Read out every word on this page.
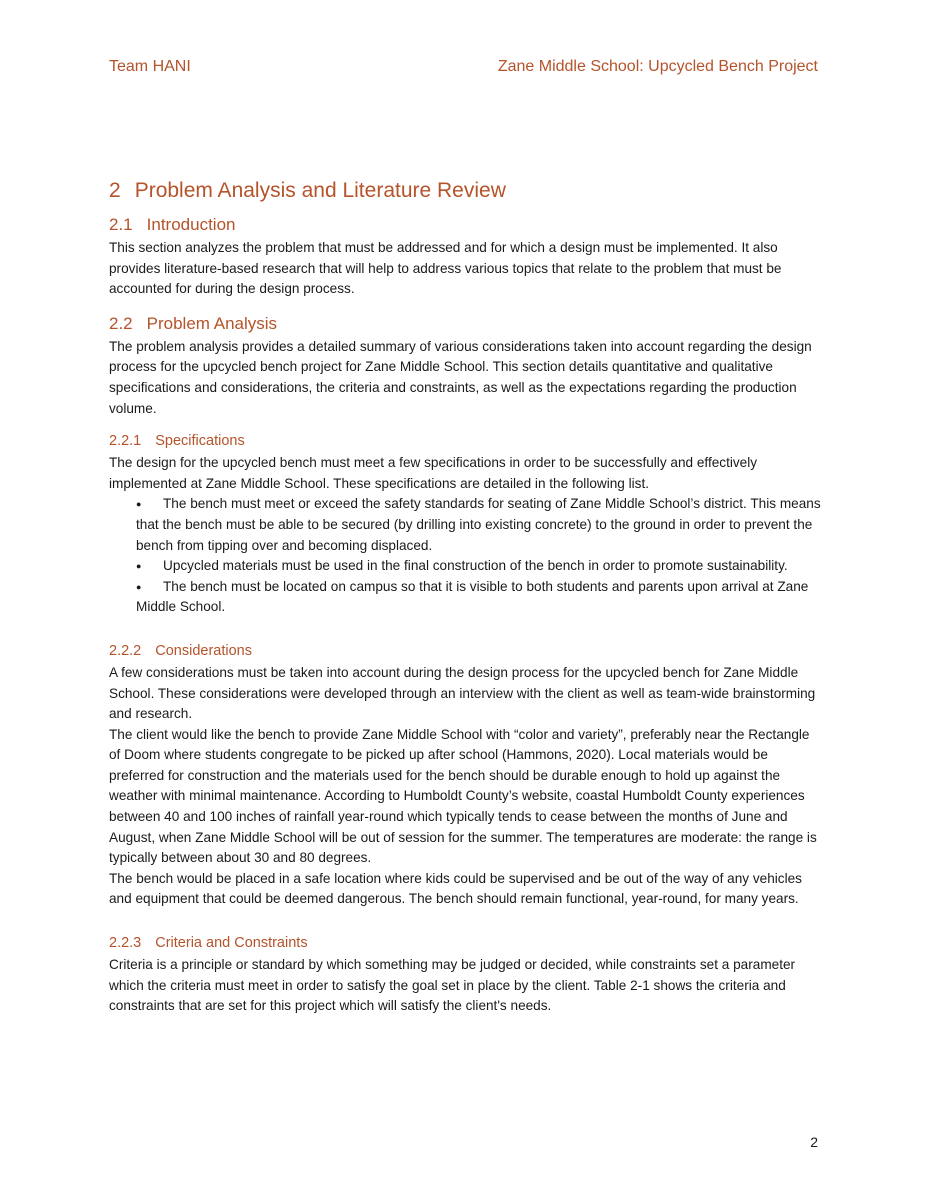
Team HANI	Zane Middle School: Upcycled Bench Project
2 Problem Analysis and Literature Review
2.1 Introduction

This section analyzes the problem that must be addressed and for which a design must be implemented. It also provides literature-based research that will help to address various topics that relate to the problem that must be accounted for during the design process.

2.2 Problem Analysis

The problem analysis provides a detailed summary of various considerations taken into account regarding the design process for the upcycled bench project for Zane Middle School. This section details quantitative and qualitative specifications and considerations, the criteria and constraints, as well as the expectations regarding the production volume.

2.2.1 Specifications

The design for the upcycled bench must meet a few specifications in order to be successfully and effectively implemented at Zane Middle School. These specifications are detailed in the following list.

●	The bench must meet or exceed the safety standards for seating of Zane Middle School’s district. This means that the bench must be able to be secured (by drilling into existing concrete) to the ground in order to prevent the bench from tipping over and becoming displaced.
●	Upcycled materials must be used in the final construction of the bench in order to promote sustainability.
●	The bench must be located on campus so that it is visible to both students and parents upon arrival at Zane Middle School.
2.2.2 Considerations

A few considerations must be taken into account during the design process for the upcycled bench for Zane Middle School. These considerations were developed through an interview with the client as well as team-wide brainstorming and research.

The client would like the bench to provide Zane Middle School with “color and variety”, preferably near the Rectangle of Doom where students congregate to be picked up after school (Hammons, 2020). Local materials would be preferred for construction and the materials used for the bench should be durable enough to hold up against the weather with minimal maintenance. According to Humboldt County’s website, coastal Humboldt County experiences between 40 and 100 inches of rainfall year-round which typically tends to cease between the months of June and August, when Zane Middle School will be out of session for the summer. The temperatures are moderate: the range is typically between about 30 and 80 degrees.

The bench would be placed in a safe location where kids could be supervised and be out of the way of any vehicles and equipment that could be deemed dangerous. The bench should remain functional, year-round, for many years.

2.2.3 Criteria and Constraints

Criteria is a principle or standard by which something may be judged or decided, while constraints set a parameter which the criteria must meet in order to satisfy the goal set in place by the client. Table 2-1 shows the criteria and constraints that are set for this project which will satisfy the client's needs.

2
